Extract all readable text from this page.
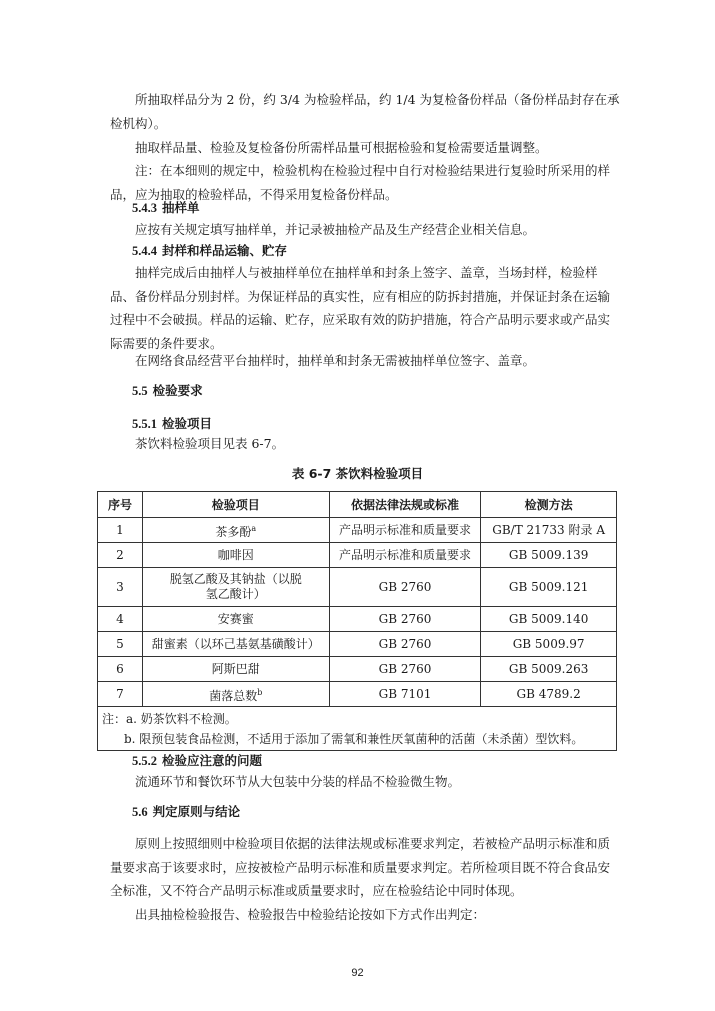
所抽取样品分为 2 份，约 3/4 为检验样品，约 1/4 为复检备份样品（备份样品封存在承检机构）。

抽取样品量、检验及复检备份所需样品量可根据检验和复检需要适量调整。

注：在本细则的规定中，检验机构在检验过程中自行对检验结果进行复验时所采用的样品，应为抽取的检验样品，不得采用复检备份样品。

5.4.3 抽样单

应按有关规定填写抽样单，并记录被抽检产品及生产经营企业相关信息。

5.4.4 封样和样品运输、贮存

抽样完成后由抽样人与被抽样单位在抽样单和封条上签字、盖章，当场封样，检验样品、备份样品分别封样。为保证样品的真实性，应有相应的防拆封措施，并保证封条在运输过程中不会破损。样品的运输、贮存，应采取有效的防护措施，符合产品明示要求或产品实际需要的条件要求。

在网络食品经营平台抽样时，抽样单和封条无需被抽样单位签字、盖章。

5.5 检验要求
5.5.1 检验项目

茶饮料检验项目见表 6-7。

表 6-7 茶饮料检验项目
序号	检验项目	依据法律法规或标准	检测方法
1	茶多酚$^a$	产品明示标准和质量要求	GB/T 21733 附录 A
2	咖啡因	产品明示标准和质量要求	GB 5009.139
3	脱氢乙酸及其钠盐（以脱氢乙酸计）	GB 2760	GB 5009.121
4	安赛蜜	GB 2760	GB 5009.140
5	甜蜜素（以环己基氨基磺酸计）	GB 2760	GB 5009.97
6	阿斯巴甜	GB 2760	GB 5009.263
7	菌落总数$^b$	GB 7101	GB 4789.2

注：a. 奶茶饮料不检测。
b. 限预包装食品检测，不适用于添加了需氧和兼性厌氧菌种的活菌（未杀菌）型饮料。			
5.5.2 检验应注意的问题

流通环节和餐饮环节从大包装中分装的样品不检验微生物。

5.6 判定原则与结论

原则上按照细则中检验项目依据的法律法规或标准要求判定，若被检产品明示标准和质量要求高于该要求时，应按被检产品明示标准和质量要求判定。若所检项目既不符合食品安全标准，又不符合产品明示标准或质量要求时，应在检验结论中同时体现。

出具抽检检验报告、检验报告中检验结论按如下方式作出判定：

92
